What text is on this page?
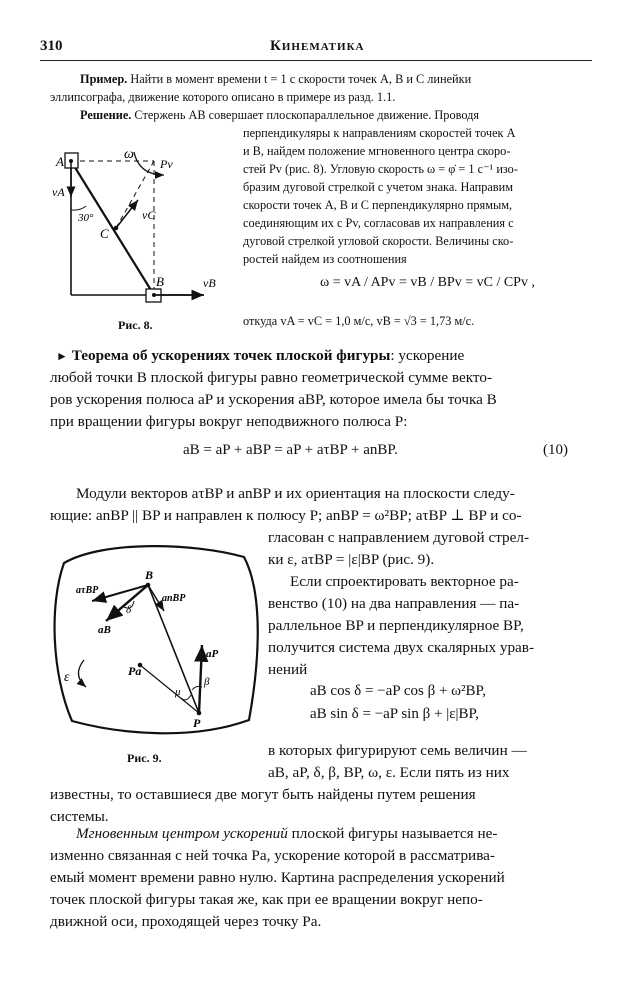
310	Кинематика
Пример. Найти в момент времени t = 1 с скорости точек A, B и C линейки
эллипсографа, движение которого описано в примере из разд. 1.1.
Решение. Стержень AB совершает плоскопараллельное движение. Проводя
перпендикуляры к направлениям скоростей точек A
и B, найдем положение мгновенного центра скоро-
стей Pv (рис. 8). Угловую скорость ω = φ̇ = 1 с⁻¹ изо-
бразим дуговой стрелкой с учетом знака. Направим
скорости точек A, B и C перпендикулярно прямым,
соединяющим их с Pv, согласовав их направления с
дуговой стрелкой угловой скорости. Величины ско-
ростей найдем из соотношения
ω = vA / APv = vB / BPv = vC / CPv ,
откуда vA = vC = 1,0 м/с, vB = √3 = 1,73 м/с.
A
B
C
ω
Pv
vA
vB
vC
30°
Рис. 8.
► Теорема об ускорениях точек плоской фигуры: ускорение
любой точки B плоской фигуры равно геометрической сумме векто-
ров ускорения полюса aP и ускорения aBP, которое имела бы точка B
при вращении фигуры вокруг неподвижного полюса P:
aB = aP + aBP = aP + aτBP + anBP.	(10)
Модули векторов aτBP и anBP и их ориентация на плоскости следу-
ющие: anBP || BP и направлен к полюсу P; anBP = ω²BP; aτBP ⊥ BP и со-
гласован с направлением дуговой стрел-
ки ε, aτBP = |ε|BP (рис. 9).
Если спроектировать векторное ра-
венство (10) на два направления — па-
раллельное BP и перпендикулярное BP,
получится система двух скалярных урав-
нений
aB cos δ = −aP cos β + ω²BP,
aB sin δ = −aP sin β + |ε|BP,
в которых фигурируют семь величин —
aB, aP, δ, β, BP, ω, ε. Если пять из них
известны, то оставшиеся две могут быть найдены путем решения
системы.
B
P
Pa
ε
aB
aP
aτBP
anBP
δ
β
μ
Рис. 9.
Мгновенным центром ускорений плоской фигуры называется не-
изменно связанная с ней точка Pa, ускорение которой в рассматрива-
емый момент времени равно нулю. Картина распределения ускорений
точек плоской фигуры такая же, как при ее вращении вокруг непо-
движной оси, проходящей через точку Pa.
